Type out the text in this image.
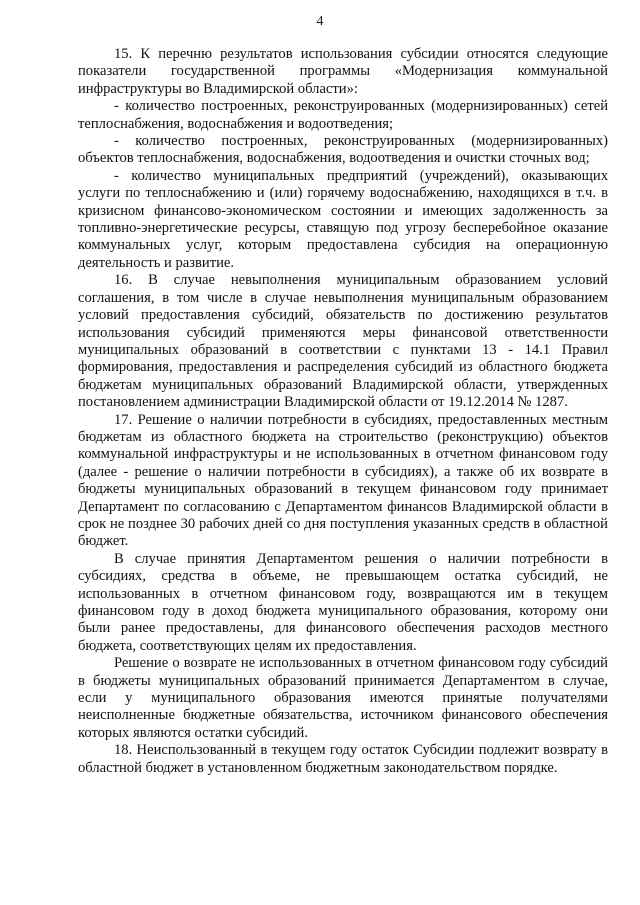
4

15. К перечню результатов использования субсидии относятся следующие показатели государственной программы «Модернизация коммунальной инфраструктуры во Владимирской области»:

- количество построенных, реконструированных (модернизированных) сетей теплоснабжения, водоснабжения и водоотведения;

- количество построенных, реконструированных (модернизированных) объектов теплоснабжения, водоснабжения, водоотведения и очистки сточных вод;

- количество муниципальных предприятий (учреждений), оказывающих услуги по теплоснабжению и (или) горячему водоснабжению, находящихся в т.ч. в кризисном финансово-экономическом состоянии и имеющих задолженность за топливно-энергетические ресурсы, ставящую под угрозу бесперебойное оказание коммунальных услуг, которым предоставлена субсидия на операционную деятельность и развитие.

16. В случае невыполнения муниципальным образованием условий соглашения, в том числе в случае невыполнения муниципальным образованием условий предоставления субсидий, обязательств по достижению результатов использования субсидий применяются меры финансовой ответственности муниципальных образований в соответствии с пунктами 13 - 14.1 Правил формирования, предоставления и распределения субсидий из областного бюджета бюджетам муниципальных образований Владимирской области, утвержденных постановлением администрации Владимирской области от 19.12.2014 № 1287.

17. Решение о наличии потребности в субсидиях, предоставленных местным бюджетам из областного бюджета на строительство (реконструкцию) объектов коммунальной инфраструктуры и не использованных в отчетном финансовом году (далее - решение о наличии потребности в субсидиях), а также об их возврате в бюджеты муниципальных образований в текущем финансовом году принимает Департамент по согласованию с Департаментом финансов Владимирской области в срок не позднее 30 рабочих дней со дня поступления указанных средств в областной бюджет.

В случае принятия Департаментом решения о наличии потребности в субсидиях, средства в объеме, не превышающем остатка субсидий, не использованных в отчетном финансовом году, возвращаются им в текущем финансовом году в доход бюджета муниципального образования, которому они были ранее предоставлены, для финансового обеспечения расходов местного бюджета, соответствующих целям их предоставления.

Решение о возврате не использованных в отчетном финансовом году субсидий в бюджеты муниципальных образований принимается Департаментом в случае, если у муниципального образования имеются принятые получателями неисполненные бюджетные обязательства, источником финансового обеспечения которых являются остатки субсидий.

18. Неиспользованный в текущем году остаток Субсидии подлежит возврату в областной бюджет в установленном бюджетным законодательством порядке.
